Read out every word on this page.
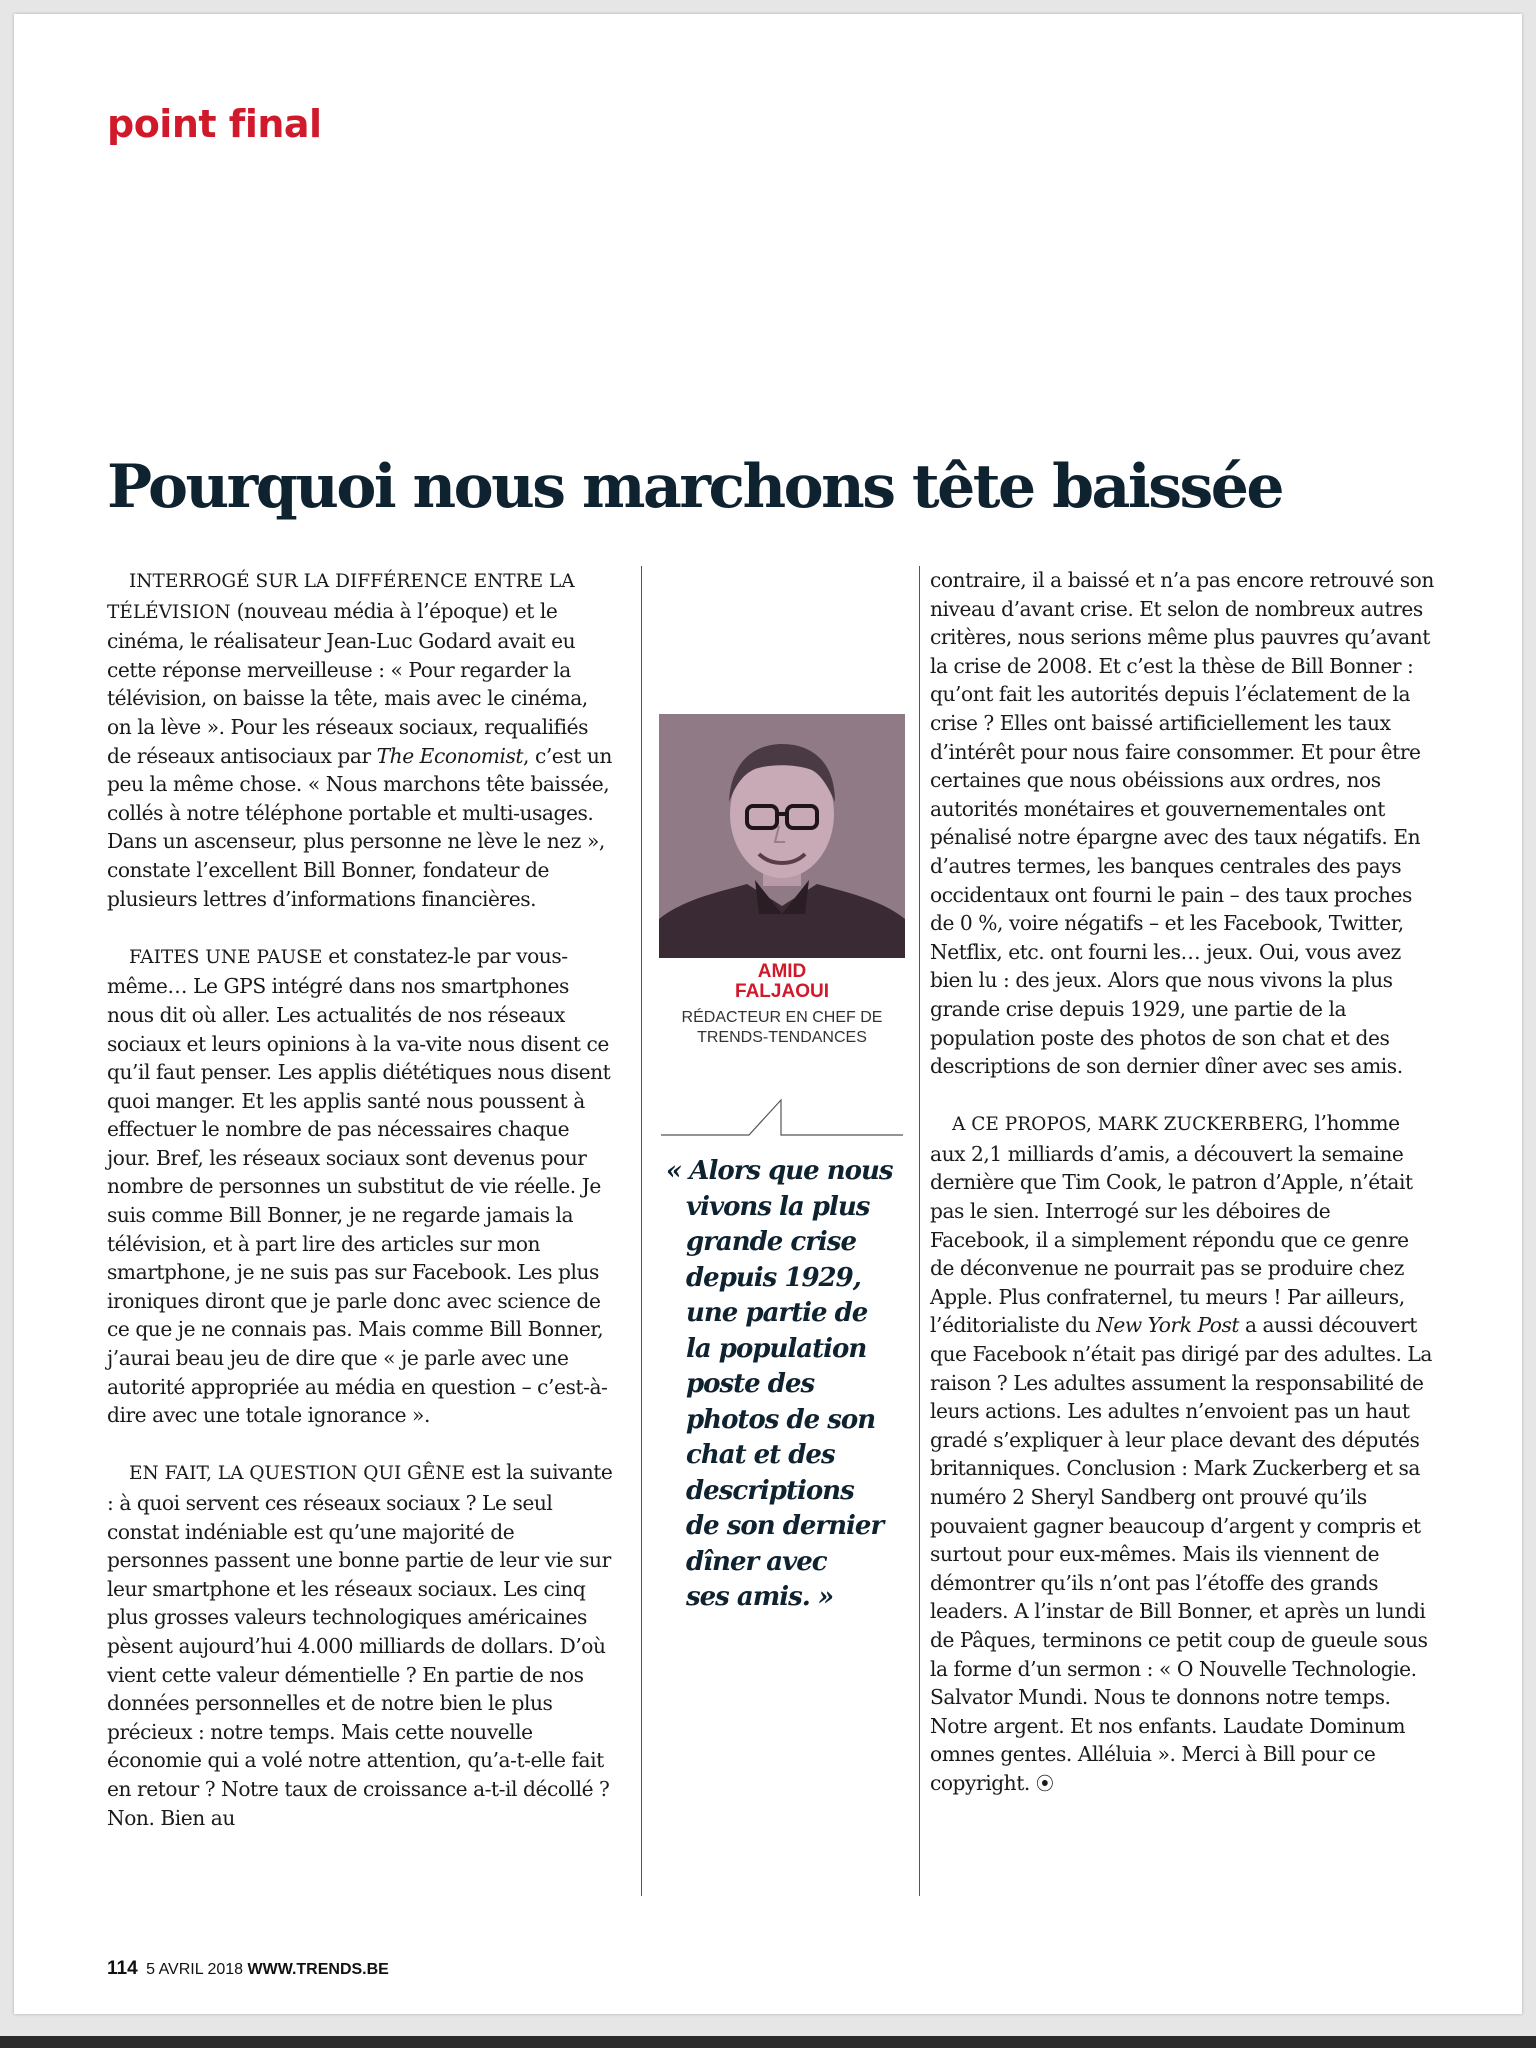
point final
Pourquoi nous marchons tête baissée

INTERROGÉ SUR LA DIFFÉRENCE ENTRE LA TÉLÉVISION (nouveau média à l’époque) et le cinéma, le réalisateur Jean-Luc Godard avait eu cette réponse merveilleuse : « Pour regarder la télévision, on baisse la tête, mais avec le cinéma, on la lève ». Pour les réseaux sociaux, requalifiés de réseaux antisociaux par The Economist, c’est un peu la même chose. « Nous marchons tête baissée, collés à notre téléphone portable et multi-usages. Dans un ascenseur, plus personne ne lève le nez », constate l’excellent Bill Bonner, fondateur de plusieurs lettres d’informations financières.

FAITES UNE PAUSE et constatez-le par vous-même… Le GPS intégré dans nos smartphones nous dit où aller. Les actualités de nos réseaux sociaux et leurs opinions à la va-vite nous disent ce qu’il faut penser. Les applis diététiques nous disent quoi manger. Et les applis santé nous poussent à effectuer le nombre de pas nécessaires chaque jour. Bref, les réseaux sociaux sont devenus pour nombre de personnes un substitut de vie réelle. Je suis comme Bill Bonner, je ne regarde jamais la télévision, et à part lire des articles sur mon smartphone, je ne suis pas sur Facebook. Les plus ironiques diront que je parle donc avec science de ce que je ne connais pas. Mais comme Bill Bonner, j’aurai beau jeu de dire que « je parle avec une autorité appropriée au média en question – c’est-à-dire avec une totale ignorance ».

EN FAIT, LA QUESTION QUI GÊNE est la suivante : à quoi servent ces réseaux sociaux ? Le seul constat indéniable est qu’une majorité de personnes passent une bonne partie de leur vie sur leur smartphone et les réseaux sociaux. Les cinq plus grosses valeurs technologiques américaines pèsent aujourd’hui 4.000 milliards de dollars. D’où vient cette valeur démentielle ? En partie de nos données personnelles et de notre bien le plus précieux : notre temps. Mais cette nouvelle économie qui a volé notre attention, qu’a-t-elle fait en retour ? Notre taux de croissance a-t-il décollé ? Non. Bien au

AMID FALJAOUI
RÉDACTEUR EN CHEF DE TRENDS-TENDANCES
« Alors que nous
vivons la plus
grande crise
depuis 1929,
une partie de
la population
poste des
photos de son
chat et des
descriptions
de son dernier
dîner avec
ses amis. »

contraire, il a baissé et n’a pas encore retrouvé son niveau d’avant crise. Et selon de nombreux autres critères, nous serions même plus pauvres qu’avant la crise de 2008. Et c’est la thèse de Bill Bonner : qu’ont fait les autorités depuis l’éclatement de la crise ? Elles ont baissé artificiellement les taux d’intérêt pour nous faire consommer. Et pour être certaines que nous obéissions aux ordres, nos autorités monétaires et gouvernementales ont pénalisé notre épargne avec des taux négatifs. En d’autres termes, les banques centrales des pays occidentaux ont fourni le pain – des taux proches de 0 %, voire négatifs – et les Facebook, Twitter, Netflix, etc. ont fourni les… jeux. Oui, vous avez bien lu : des jeux. Alors que nous vivons la plus grande crise depuis 1929, une partie de la population poste des photos de son chat et des descriptions de son dernier dîner avec ses amis.

A CE PROPOS, MARK ZUCKERBERG, l’homme aux 2,1 milliards d’amis, a découvert la semaine dernière que Tim Cook, le patron d’Apple, n’était pas le sien. Interrogé sur les déboires de Facebook, il a simplement répondu que ce genre de déconvenue ne pourrait pas se produire chez Apple. Plus confraternel, tu meurs ! Par ailleurs, l’éditorialiste du New York Post a aussi découvert que Facebook n’était pas dirigé par des adultes. La raison ? Les adultes assument la responsabilité de leurs actions. Les adultes n’envoient pas un haut gradé s’expliquer à leur place devant des députés britanniques. Conclusion : Mark Zuckerberg et sa numéro 2 Sheryl Sandberg ont prouvé qu’ils pouvaient gagner beaucoup d’argent y compris et surtout pour eux-mêmes. Mais ils viennent de démontrer qu’ils n’ont pas l’étoffe des grands leaders. A l’instar de Bill Bonner, et après un lundi de Pâques, terminons ce petit coup de gueule sous la forme d’un sermon : « O Nouvelle Technologie. Salvator Mundi. Nous te donnons notre temps. Notre argent. Et nos enfants. Laudate Dominum omnes gentes. Alléluia ». Merci à Bill pour ce copyright. ⦿

114 5 AVRIL 2018 WWW.TRENDS.BE
